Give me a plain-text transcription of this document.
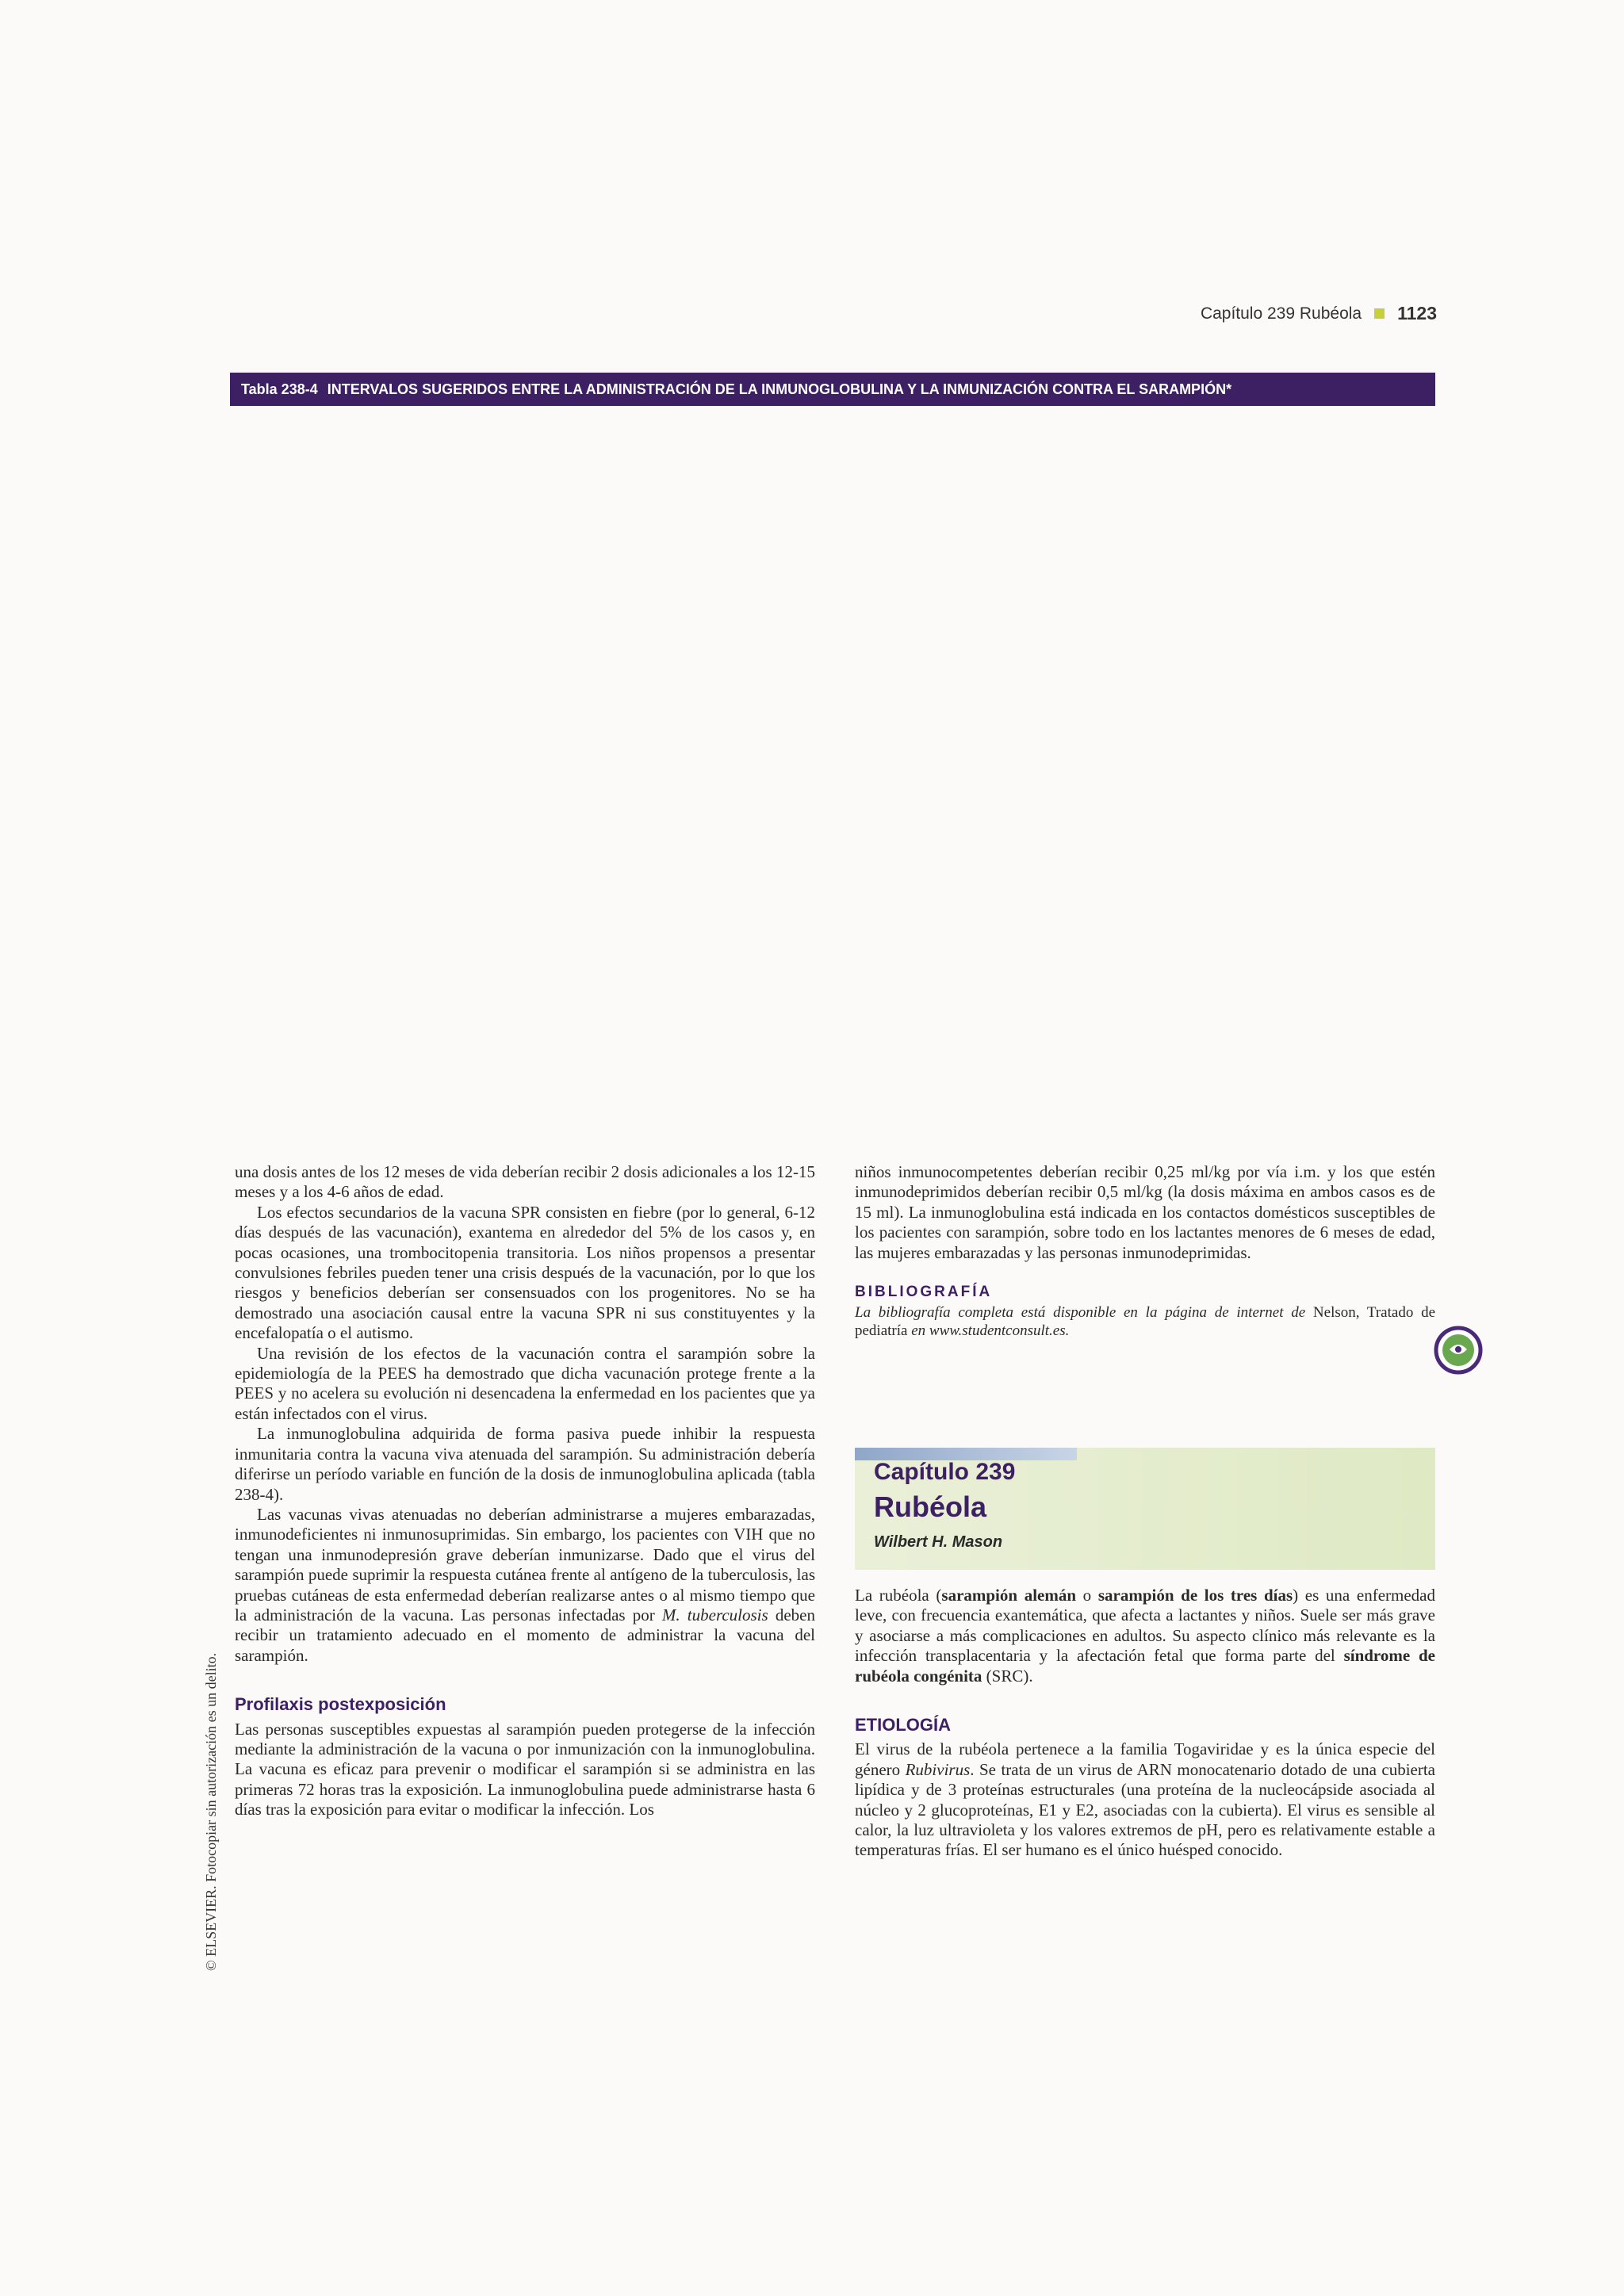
Capítulo 239 Rubéola 1123
Tabla 238-4 INTERVALOS SUGERIDOS ENTRE LA ADMINISTRACIÓN DE LA INMUNOGLOBULINA Y LA INMUNIZACIÓN CONTRA EL SARAMPIÓN*

una dosis antes de los 12 meses de vida deberían recibir 2 dosis adicionales a los 12-15 meses y a los 4-6 años de edad.

Los efectos secundarios de la vacuna SPR consisten en fiebre (por lo general, 6-12 días después de las vacunación), exantema en alrededor del 5% de los casos y, en pocas ocasiones, una trombocitopenia transitoria. Los niños propensos a presentar convulsiones febriles pueden tener una crisis después de la vacunación, por lo que los riesgos y beneficios deberían ser consensuados con los progenitores. No se ha demostrado una asociación causal entre la vacuna SPR ni sus constituyentes y la encefalopatía o el autismo.

Una revisión de los efectos de la vacunación contra el sarampión sobre la epidemiología de la PEES ha demostrado que dicha vacunación protege frente a la PEES y no acelera su evolución ni desencadena la enfermedad en los pacientes que ya están infectados con el virus.

La inmunoglobulina adquirida de forma pasiva puede inhibir la respuesta inmunitaria contra la vacuna viva atenuada del sarampión. Su administración debería diferirse un período variable en función de la dosis de inmunoglobulina aplicada (tabla 238-4).

Las vacunas vivas atenuadas no deberían administrarse a mujeres embarazadas, inmunodeficientes ni inmunosuprimidas. Sin embargo, los pacientes con VIH que no tengan una inmunodepresión grave deberían inmunizarse. Dado que el virus del sarampión puede suprimir la respuesta cutánea frente al antígeno de la tuberculosis, las pruebas cutáneas de esta enfermedad deberían realizarse antes o al mismo tiempo que la administración de la vacuna. Las personas infectadas por M. tuberculosis deben recibir un tratamiento adecuado en el momento de administrar la vacuna del sarampión.

Profilaxis postexposición

Las personas susceptibles expuestas al sarampión pueden protegerse de la infección mediante la administración de la vacuna o por inmunización con la inmunoglobulina. La vacuna es eficaz para prevenir o modificar el sarampión si se administra en las primeras 72 horas tras la exposición. La inmunoglobulina puede administrarse hasta 6 días tras la exposición para evitar o modificar la infección. Los

niños inmunocompetentes deberían recibir 0,25 ml/kg por vía i.m. y los que estén inmunodeprimidos deberían recibir 0,5 ml/kg (la dosis máxima en ambos casos es de 15 ml). La inmunoglobulina está indicada en los contactos domésticos susceptibles de los pacientes con sarampión, sobre todo en los lactantes menores de 6 meses de edad, las mujeres embarazadas y las personas inmunodeprimidas.

BIBLIOGRAFÍA

La bibliografía completa está disponible en la página de internet de Nelson, Tratado de pediatría en www.studentconsult.es.

Capítulo 239
Rubéola
Wilbert H. Mason

La rubéola (sarampión alemán o sarampión de los tres días) es una enfermedad leve, con frecuencia exantemática, que afecta a lactantes y niños. Suele ser más grave y asociarse a más complicaciones en adultos. Su aspecto clínico más relevante es la infección transplacentaria y la afectación fetal que forma parte del síndrome de rubéola congénita (SRC).

ETIOLOGÍA

El virus de la rubéola pertenece a la familia Togaviridae y es la única especie del género Rubivirus. Se trata de un virus de ARN monocatenario dotado de una cubierta lipídica y de 3 proteínas estructurales (una proteína de la nucleocápside asociada al núcleo y 2 glucoproteínas, E1 y E2, asociadas con la cubierta). El virus es sensible al calor, la luz ultravioleta y los valores extremos de pH, pero es relativamente estable a temperaturas frías. El ser humano es el único huésped conocido.

© ELSEVIER. Fotocopiar sin autorización es un delito.
